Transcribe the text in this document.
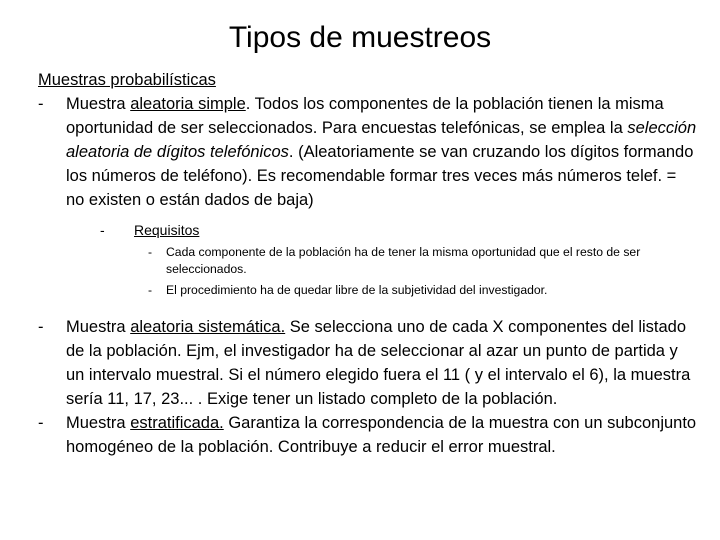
Tipos de muestreos
Muestras probabilísticas
-	Muestra aleatoria simple. Todos los componentes de la población tienen la misma oportunidad de ser seleccionados. Para encuestas telefónicas, se emplea la selección aleatoria de dígitos telefónicos. (Aleatoriamente se van cruzando los dígitos formando los números de teléfono). Es recomendable formar tres veces más números telef. = no existen o están dados de baja)
-	Requisitos
-	Cada componente de la población ha de tener la misma oportunidad que el resto de ser seleccionados.
-	El procedimiento ha de quedar libre de la subjetividad del investigador.
-	Muestra aleatoria sistemática. Se selecciona uno de cada X componentes del listado de la población. Ejm, el investigador ha de seleccionar al azar un punto de partida y un intervalo muestral. Si el número elegido fuera el 11 ( y el intervalo el 6), la muestra sería 11, 17, 23... . Exige tener un listado completo de la población.
-	Muestra estratificada. Garantiza la correspondencia de la muestra con un subconjunto homogéneo de la población. Contribuye a reducir el error muestral.
